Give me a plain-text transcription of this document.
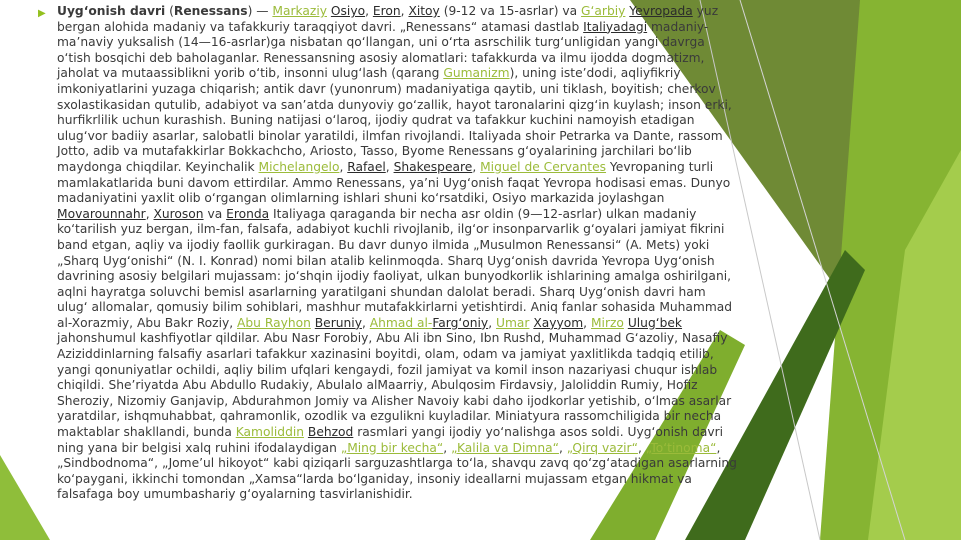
▶ Uyg‘onish davri (Renessans) — Markaziy Osiyo, Eron, Xitoy (9-12 va 15-asrlar) va G‘arbiy Yevropada yuz bergan alohida madaniy va tafakkuriy taraqqiyot davri. „Renessans“ atamasi dastlab Italiyadagi madaniy-ma’naviy yuksalish (14—16-asrlar)ga nisbatan qo‘llangan, uni o‘rta asrschilik turg‘unligidan yangi davrga o‘tish bosqichi deb baholaganlar. Renessansning asosiy alomatlari: tafakkurda va ilmu ijodda dogmatizm, jaholat va mutaassiblikni yorib o‘tib, insonni ulug‘lash (qarang Gumanizm), uning iste’dodi, aqliyfikriy imkoniyatlarini yuzaga chiqarish; antik davr (yunonrum) madaniyatiga qaytib, uni tiklash, boyitish; cherkov sxolastikasidan qutulib, adabiyot va san’atda dunyoviy go‘zallik, hayot taronalarini qizg‘in kuylash; inson erki, hurfikrlilik uchun kurashish. Buning natijasi o‘laroq, ijodiy qudrat va tafakkur kuchini namoyish etadigan ulug‘vor badiiy asarlar, salobatli binolar yaratildi, ilmfan rivojlandi. Italiyada shoir Petrarka va Dante, rassom Jotto, adib va mutafakkirlar Bokkachcho, Ariosto, Tasso, Byome Renessans g‘oyalarining jarchilari bo‘lib maydonga chiqdilar. Keyinchalik Michelangelo, Rafael, Shakespeare, Miguel de Cervantes Yevropaning turli mamlakatlarida buni davom ettirdilar. Ammo Renessans, ya’ni Uyg‘onish faqat Yevropa hodisasi emas. Dunyo madaniyatini yaxlit olib o‘rgangan olimlarning ishlari shuni ko‘rsatdiki, Osiyo markazida joylashgan Movarounnahr, Xuroson va Eronda Italiyaga qaraganda bir necha asr oldin (9—12-asrlar) ulkan madaniy ko‘tarilish yuz bergan, ilm-fan, falsafa, adabiyot kuchli rivojlanib, ilg‘or insonparvarlik g‘oyalari jamiyat fikrini band etgan, aqliy va ijodiy faollik gurkiragan. Bu davr dunyo ilmida „Musulmon Renessansi“ (A. Mets) yoki „Sharq Uyg‘onishi“ (N. I. Konrad) nomi bilan atalib kelinmoqda. Sharq Uyg‘onish davrida Yevropa Uyg‘onish davrining asosiy belgilari mujassam: jo‘shqin ijodiy faoliyat, ulkan bunyodkorlik ishlarining amalga oshirilgani, aqlni hayratga soluvchi bemisl asarlarning yaratilgani shundan dalolat beradi. Sharq Uyg‘onish davri ham ulug‘ allomalar, qomusiy bilim sohiblari, mashhur mutafakkirlarni yetishtirdi. Aniq fanlar sohasida Muhammad al-Xorazmiy, Abu Bakr Roziy, Abu Rayhon Beruniy, Ahmad al-Farg‘oniy, Umar Xayyom, Mirzo Ulug‘bek jahonshumul kashfiyotlar qildilar. Abu Nasr Forobiy, Abu Ali ibn Sino, Ibn Rushd, Muhammad G‘azoliy, Nasafiy Aziziddinlarning falsafiy asarlari tafakkur xazinasini boyitdi, olam, odam va jamiyat yaxlitlikda tadqiq etilib, yangi qonuniyatlar ochildi, aqliy bilim ufqlari kengaydi, fozil jamiyat va komil inson nazariyasi chuqur ishlab chiqildi. She’riyatda Abu Abdullo Rudakiy, Abulalo alMaarriy, Abulqosim Firdavsiy, Jaloliddin Rumiy, Hofiz Sheroziy, Nizomiy Ganjavip, Abdurahmon Jomiy va Alisher Navoiy kabi daho ijodkorlar yetishib, o‘lmas asarlar yaratdilar, ishqmuhabbat, qahramonlik, ozodlik va ezgulikni kuyladilar. Miniatyura rassomchiligida bir necha maktablar shakllandi, bunda Kamoliddin Behzod rasmlari yangi ijodiy yo‘nalishga asos soldi. Uyg‘onish davri ning yana bir belgisi xalq ruhini ifodalaydigan „Ming bir kecha“, „Kalila va Dimna“, „Qirq vazir“, „To‘tinoma“, „Sindbodnoma“, „Jome’ul hikoyot“ kabi qiziqarli sarguzashtlarga to‘la, shavqu zavq qo‘zg‘atadigan asarlarning ko‘paygani, ikkinchi tomondan „Xamsa“larda bo‘lganiday, insoniy ideallarni mujassam etgan hikmat va falsafaga boy umumbashariy g‘oyalarning tasvirlanishidir.
